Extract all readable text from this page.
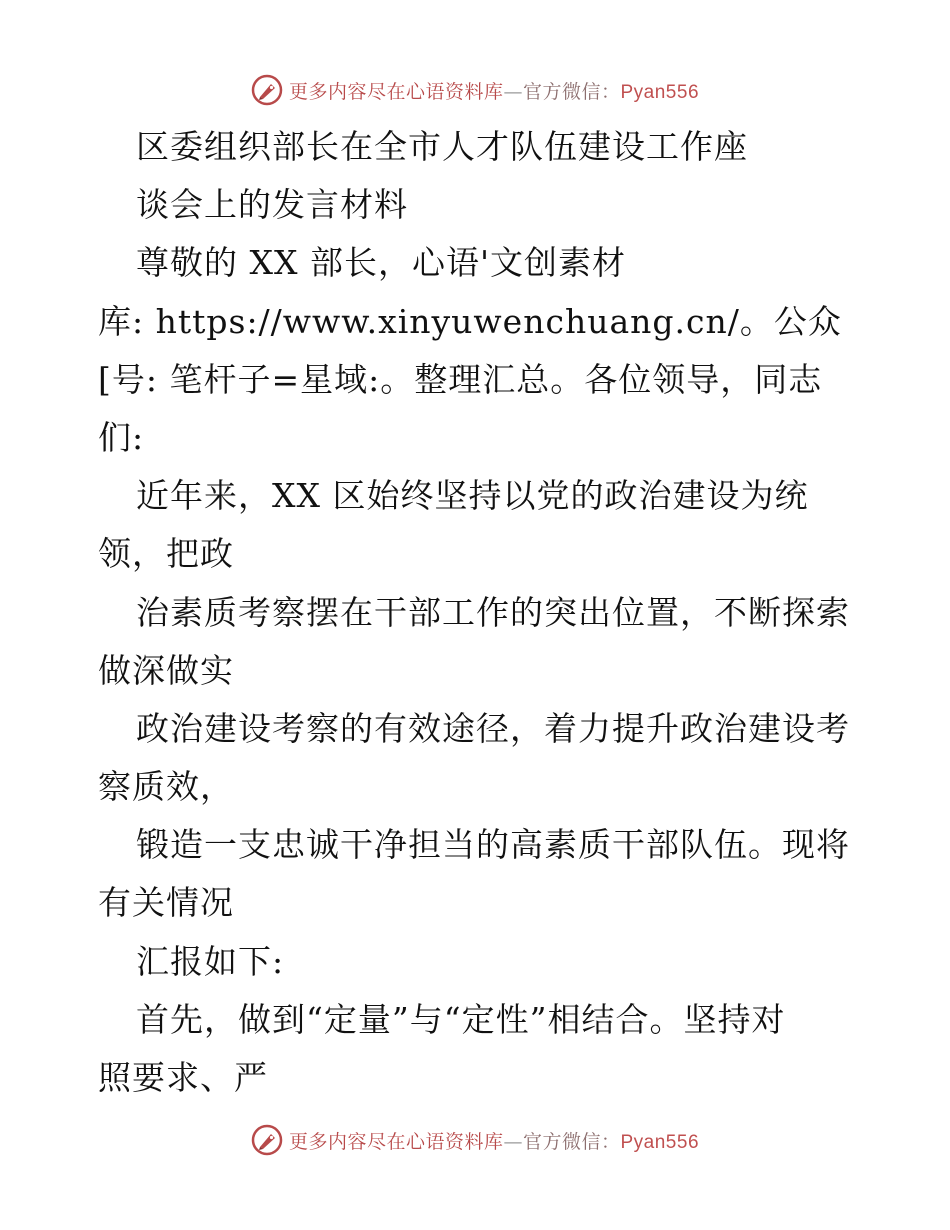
更多内容尽在心语资料库—官方微信：Pyan556
区委组织部长在全市人才队伍建设工作座
谈会上的发言材料
尊敬的 XX 部长，心语'文创素材
库: https://www.xinyuwenchuang.cn/。公众
[号: 笔杆子=星域:。整理汇总。各位领导，同志
们:
近年来，XX 区始终坚持以党的政治建设为统
领，把政
治素质考察摆在干部工作的突出位置，不断探索
做深做实
政治建设考察的有效途径，着力提升政治建设考
察质效，
锻造一支忠诚干净担当的高素质干部队伍。现将
有关情况
汇报如下:
首先，做到“定量”与“定性”相结合。坚持对
照要求、严
更多内容尽在心语资料库—官方微信：Pyan556
